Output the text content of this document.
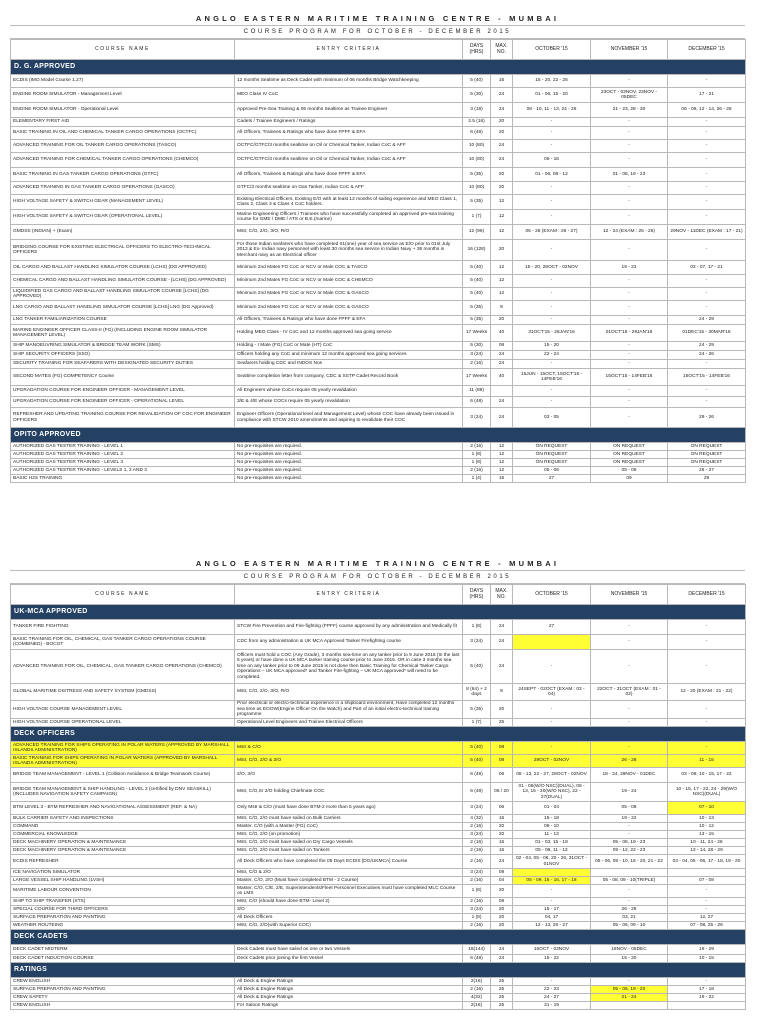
ANGLO EASTERN MARITIME TRAINING CENTRE - MUMBAI
COURSE PROGRAM FOR OCTOBER - DECEMBER 2015
COURSE NAME	ENTRY CRITERIA	DAYS (HRS)	MAX. NO.	OCTOBER '15	NOVEMBER '15	DECEMBER '15
D. G. APPROVED						
ECDIS (IMO Model Course 1.27)	12 months Sealtime as Deck Cadet with minimum of 06 months Bridge Watchkeeping	5 (40)	16	15 - 20, 22 - 26	-	-
ENGINE ROOM SIMULATOR - Management Level	MEO Class IV CoC	5 (30)	24	01 - 06, 15 - 20	23OCT - 03NOV, 23NOV - 05DEC	17 - 21
ENGINE ROOM SIMULATOR - Operational Level	Approved Pre-Sea Training & 06 months Sealtime as Trainee Engineer	3 (18)	24	08 - 10, 11 - 13, 24 - 26	21 - 23, 28 - 30	06 - 08, 12 - 14, 26 - 28
ELEMENTARY FIRST AID	Cadets / Trainee Engineers / Ratings	2.5 (16)	20	-	-	-
BASIC TRAINING IN OIL AND CHEMICAL TANKER CARGO OPERATIONS (OCTFC)	All Officers, Trainees & Ratings who have done FPFF & EFA	6 (48)	20	-	-	-
ADVANCED TRAINING FOR OIL TANKER CARGO OPERATIONS (TASCO)	OCTFC/GTFC/3 months sealtime on Oil or Chemical Tanker, Indian CoC & AFF	10 (80)	24	-	-	-
ADVANCED TRAINING FOR CHEMICAL TANKER CARGO OPERATIONS (CHEMCO)	OCTFC/GTFC/3 months sealtime on Oil or Chemical Tanker, Indian CoC & AFF	10 (80)	24	05 - 16	-	-
BASIC TRAINING IN GAS TANKER CARGO OPERATIONS (GTFC)	All Officers, Trainees & Ratings who have done FPFF & EFA	5 (35)	20	01 - 06, 08 - 12	01 - 06, 19 - 23	-
ADVANCED TRAINING IN GAS TANKER CARGO OPERATIONS (GASCO)	GTFC/3 months sealtime on Gas Tanker, Indian CoC & AFF	10 (80)	20	-	-	-
HIGH VOLTAGE SAFETY & SWITCH GEAR (MANAGEMENT LEVEL)	Existing Electrical Officers, Existing E/O with at least 12 months of sailing experience and MEO Class 1, Class 2, Class 3 & Class 4 CoC holders.	5 (35)	12	-	-	-
HIGH VOLTAGE SAFETY & SWITCH GEAR (OPERATIONAL LEVEL)	Marine Engineering Officers / Trainees who have successfully completed an approved pre-sea training course for GME / DME / ATS or B.E.(marine)	1 (7)	12	-	-	-
GMDSS (INDIAN) + (Exam)	Mstr, C/O, 2/O, 3/O, R/O	12 (96)	12	05 - 26 (EXAM : 26 - 27)	12 - 24 (EXAM : 25 - 26)	29NOV - 11DEC (EXAM : 17 - 21)
BRIDGING COURSE FOR EXISTING ELECTRICAL OFFICERS TO ELECTRO-TECHNICAL OFFICERS	For those Indian seafarers who have completed 01(one) year of sea service as E/O prior to 01st July 2013 & Ex- Indian navy personnel with least 30 months sea service in Indian Navy + 36 months in Merchant navy as an Electrical officer	16 (128)	20	-	-	-
OIL CARGO AND BALLAST HANDLING SIMULATOR COURSE (LCHS) (DG APPROVED)	Minimum 2nd Mates FG CoC or NCV or Male COC & TASCO	5 (40)	12	15 - 20, 28OCT - 02NOV	19 - 23	03 - 07, 17 - 21
CHEMICAL CARGO AND BALLAST HANDLING SIMULATOR COURSE - [LCHS] (DG APPROVED)	Minimum 2nd Mates FG CoC or NCV or Male COC & CHEMCO	5 (40)	12	-	-	-
LIQUIDIFIED GAS CARGO AND BALLAST HANDLING SIMULATOR COURSE [LCHS] (DG APPROVED)	Minimum 2nd Mates FG CoC or NCV or Male COC & GASCO	5 (40)	12	-	-	-
LNG CARGO AND BALLAST HANDLING SIMULATOR COURSE [LCHS] LNG (DG Approved)	Minimum 2nd Mates FG CoC or NCV or Male COC & GASCO	5 (35)	8	-	-	-
LNG TANKER FAMILIARIZATION COURSE	All Officers, Trainees & Ratings who have done FPFF & EFA	5 (35)	20	-	-	24 - 29
MARINE ENGINEER OFFICER CLASS-II (FG) (INCLUDING ENGINE ROOM SIMULATOR MANAGEMENT LEVEL)	Holding MEO Class - IV CoC and 12 months approved sea going service	17 Weeks	40	31OCT'15 - 28JAN'16	01OCT'15 - 29JAN'16	01DEC'15 - 30MAR'16
SHIP MANOEUVRING SIMULATOR & BRIDGE TEAM WORK (SMS)	Holding - I Mate (FG) CoC or Mate (HT) CoC	5 (30)	08	15 - 20	-	24 - 29
SHIP SECURITY OFFICERS (SSO)	Officers holding any CoC and minimum 12 months approved sea going services	3 (24)	24	22 - 24	-	24 - 26
SECURITY TRAINING FOR SEAFARERS WITH DESIGNATED SECURITY DUTIES	Seafarers holding CDC and INDOS Nos	2 (16)	24	-	-	-
SECOND MATES (FG) COMPETENCY Course	Sealtime completion letter from company, CDC & SSTP Cadet Record Book	17 Weeks	40	15JUN - 15OCT, 15OCT'15 - 14FEB'16	15OCT'15 - 14FEB'16	15OCT'15 - 14FEB'16
UPGRADATION COURSE FOR ENGINEER OFFICER - MANAGEMENT LEVEL	All Engineers whose CoCs require 05 yearly revalidation	11 (88)		-	-	-
UPGRADATION COURSE FOR ENGINEER OFFICER - OPERATIONAL LEVEL	3/E & 4/E whose COCs require 05 yearly revalidation	6 (48)	24	-	-	-
REFRESHER AND UPDATING TRAINING COURSE FOR REVALIDATION OF COC FOR ENGINEER OFFICERS	Engineer Officers (Operational level and Management Level) whose COC have already been issued in compliance with STCW 2010 amendments and aspiring to revalidate their COC	3 (24)	24	03 - 05	-	29 - 26
OPITO APPROVED						
AUTHORIZED GAS TESTER TRAINING - LEVEL 1	No pre-requisites are required.	2 (16)	12	ON REQUEST	ON REQUEST	ON REQUEST
AUTHORIZED GAS TESTER TRAINING - LEVEL 2	No pre-requisites are required.	1 (8)	12	ON REQUEST	ON REQUEST	ON REQUEST
AUTHORIZED GAS TESTER TRAINING - LEVEL 3	No pre-requisites are required.	1 (8)	12	ON REQUEST	ON REQUEST	ON REQUEST
AUTHORIZED GAS TESTER TRAINING - LEVELS 1, 2 AND 3	No pre-requisites are required.	2 (16)	12	05 - 06	05 - 06	26 - 27
BASIC H2S TRAINING	No pre-requisites are required.	1 (4)	16	27	09	29
ANGLO EASTERN MARITIME TRAINING CENTRE - MUMBAI
COURSE PROGRAM FOR OCTOBER - DECEMBER 2015
COURSE NAME	ENTRY CRITERIA	DAYS (HRS)	MAX. NO.	OCTOBER '15	NOVEMBER '15	DECEMBER '15
UK-MCA APPROVED						
TANKER FIRE FIGHTING	STCW Fire Prevention and Fire-fighting (FPFF) course approved by any administration and Medically fit	1 (8)	24	27	-	-
BASIC TRAINING FOR OIL, CHEMICAL, GAS TANKER CARGO OPERATIONS COURSE (COMBINED) - BOCGT	CDC from any administration & UK MCA Approved Tanker Firefighting course	3 (24)	24		-	-
ADVANCED TRAINING FOR OIL, CHEMICAL, GAS TANKER CARGO OPERATIONS (CHEMCO)	Officers must hold a COC (Any Grade), 3 months sea-time on any tanker prior to 9 June 2015 (In the last 5 years) or have done a UK MCA tanker training course prior to June 2015. OR in case 3 months sea time on any tanker prior to 09 June 2015 is not done then Basic Training for Chemical Tanker Cargo Operations – UK MCA approved* and Tanker Fire-fighting – UK MCA approved* will need to be completed.	5 (40)	24	-	-	-
GLOBAL MARITIME DISTRESS AND SAFETY SYSTEM (GMDSS)	Mstr, C/O, 2/O, 3/O, R/O	8 (64) + 2 days	8	24SEPT - 02OCT (EXAM : 03 - 04)	22OCT - 31OCT (EXAM : 01 - 02)	12 - 20 (EXAM : 21 - 22)
HIGH VOLTAGE COURSE MANAGEMENT LEVEL	Prior electrical or electro-technical experience in a shipboard environment, Have completed 12 months sea time as EOOW(Engine Officer On the Watch) and Part of an initial electro-technical training programme	5 (35)	20	-	-	-
HIGH VOLTAGE COURSE OPERATIONAL LEVEL	Operational Level Engineers and Trainee Electrical Officers	1 (7)	25	-	-	-
DECK OFFICERS						
ADVANCED TRAINING FOR SHIPS OPERATING IN POLAR WATERS (APPROVED BY MARSHALL ISLANDS ADMINISTRATION)	Mstr & C/O	5 (40)	08	-	-	-
BASIC TRAINING FOR SHIPS OPERATING IN POLAR WATERS (APPROVED BY MARSHALL ISLANDS ADMINISTRATION)	Mstr, C/O, 2/O & 3/O	5 (40)	08	28OCT - 02NOV	26 - 28	11 - 15
BRIDGE TEAM MANAGEMENT - LEVEL 1 (Collision Avoidance & Bridge Teamwork Course)	2/O, 3/O	6 (48)	06	08 - 13, 22 - 27, 28OCT - 02NOV	18 - 24, 29NOV - 01DEC	03 - 08, 10 - 15, 17 - 22
BRIDGE TEAM MANAGEMENT & SHIP HANDLING - LEVEL 2 (certified by DNV SEASKILL) (INCLUDES NAVIGATION SAFETY CAMPAIGN)	Mstr, C/O,Sr 2/O holding Chiefmate COC	6 (48)	06 / 20	01 - 06(W/O NSC)(DUAL), 08 - 13, 15 - 20(W/O NSC), 22 - 27(DUAL)	19 - 24	10 - 15, 17 - 22, 24 - 29(W/O NSC)(DUAL)
BTM LEVEL 3 - BTM REFRESHER AND NAVIGATIONAL ASSESSMENT (REF. & NA)	Only Mstr & C/O (must have done BTM-2 more than 5 years ago)	3 (24)	06	01 - 04	05 - 08	07 - 10
BULK CARRIER SAFETY AND INSPECTIONS	Mstr, C/O, 2/O must have sailed on Bulk Carriers	4 (32)	16	15 - 18	19 - 22	10 - 13
COMMAND	Master, C/O (with a Master (FG) CoC)	2 (16)	20	08 - 10	-	10 - 12
COMMERCIAL KNOWLEDGE	Mstr, C/O, 2/O (on promotion)	3 (24)	20	11 - 13	-	13 - 15
DECK MACHINERY OPERATION & MAINTENANCE	Mstr, C/O, 2/O must have sailed on Dry Cargo Vessels	2 (16)	16	01 - 03, 15 - 18	05 - 08, 19 - 23	10 - 11, 24 - 26
DECK MACHINERY OPERATION & MAINTENANCE	Mstr, C/O, 2/O must have sailed on Tankers	2 (16)	16	05 - 08, 11 - 13	09 - 12, 22 - 23	13 - 14, 28 - 29
ECDIS REFRESHER	All Deck Officers who have completed the 05 Days ECDIS [DG/UKMCA] Course	2 (16)	24	02 - 04, 05 - 06, 20 - 26, 31OCT - 01NOV	05 - 06, 08 - 10, 16 - 20, 21 - 22	03 - 04, 05 - 06, 17 - 18, 19 - 20
ICE NAVIGATION SIMULATOR	Mstr, C/O & 2/O	3 (24)	08			
LARGE VESSEL SHIP HANDLING (LVSH)	Master, C/O, 2/O (Must have completed BTM - 2 Course)	2 (16)	04	05 - 09, 15 - 16, 17 - 18	05 - 08, 09 - 10(TRIPLE)	07 - 08
MARITIME LABOUR CONVENTION	Master, C/O, C/E, 2/E, Superintendents/Fleet Personnel Executives must have completed MLC Course on LMS	1 (8)	20	-	-	-
SHIP TO SHIP TRANSFER (STS)	Mstr, C/O (should have done BTM- Level 2)	2 (16)	08	-	-	-
SPECIAL COURSE FOR THIRD OFFICERS	3/O	3 (24)	20	15 - 17	26 - 28	-
SURFACE PREPARATION AND PAINTING	All Deck Officers	1 (8)	20	04, 17	03, 21	12, 27
WEATHER ROUTEING	Mstr, C/O, 2/O(with Superior COC)	2 (16)	20	12 - 13, 26 - 27	05 - 06, 09 - 10	07 - 08, 25 - 26
DECK CADETS						
DECK CADET MIDTERM	Deck Cadets must have sailed on one or two Vessels	18(144)	24	15OCT - 03NOV	18NOV - 05DEC	19 - 29
DECK CADET INDUCTION COURSE	Deck Cadets prior joining the first Vessel	6 (48)	24	15 - 22	15 - 20	10 - 15
RATINGS						
CREW ENGLISH	All Deck & Engine Ratings	2(16)	25	-	-	-
SURFACE PREPARATION AND PAINTING	All Deck & Engine Ratings	2 (16)	25	22 - 23	05 - 06, 19 - 20	17 - 18
CREW SAFETY	All Deck & Engine Ratings	4(32)	25	24 - 27	21 - 24	19 - 22
CREW ENGLISH	For Saloon Ratings	2(16)	25	31 - 19		
